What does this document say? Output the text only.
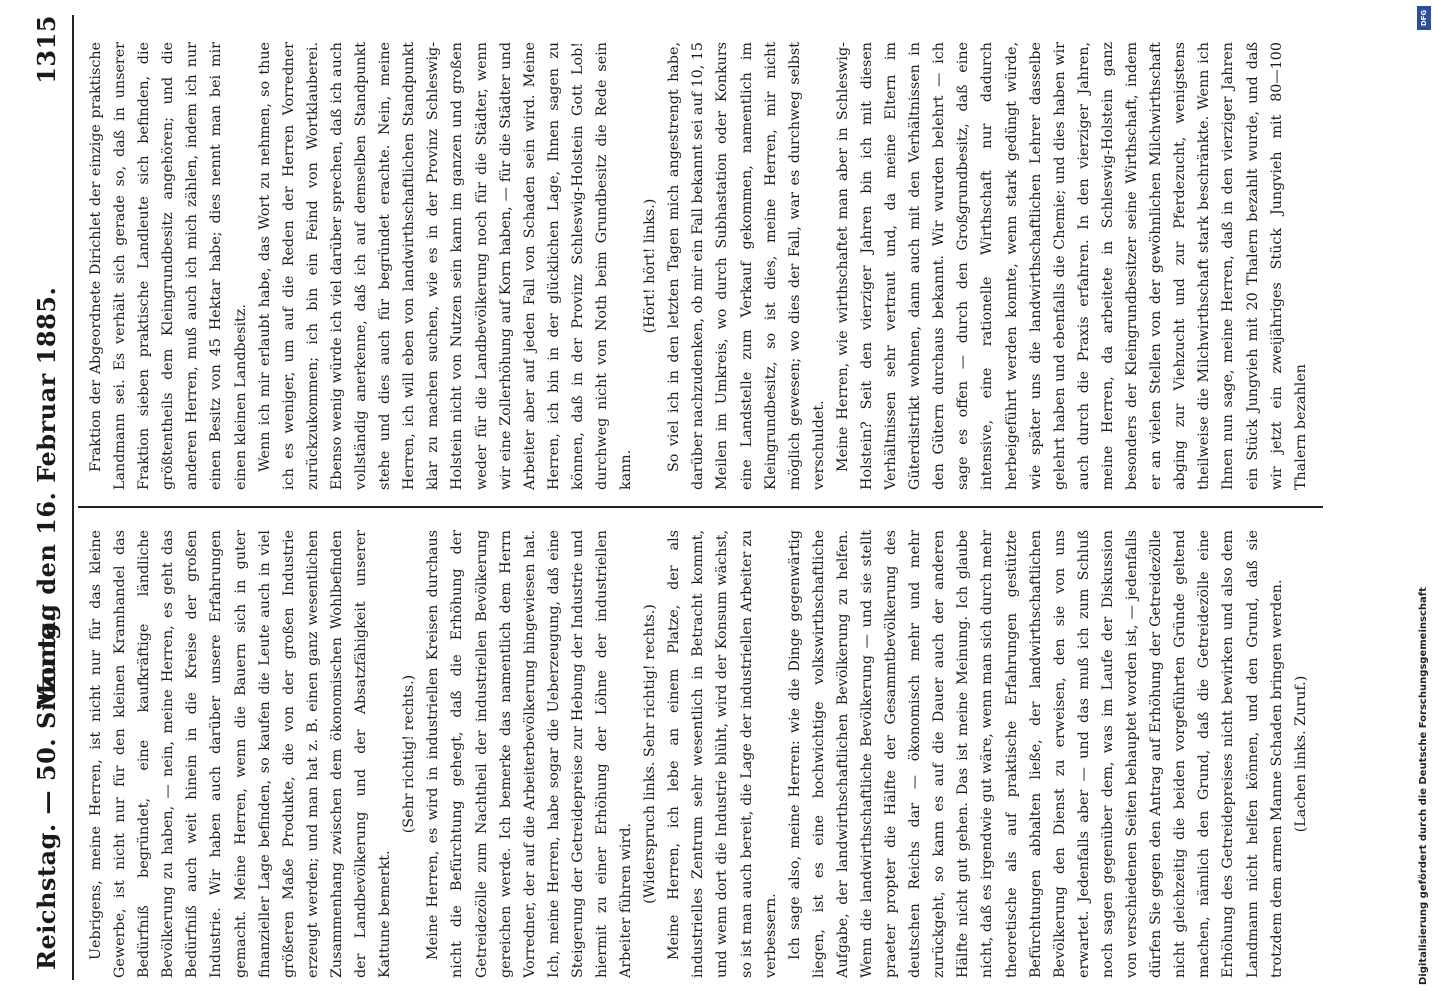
Reichstag. — 50. Sitzung.
Montag den 16. Februar 1885.
1315

Uebrigens, meine Herren, ist nicht nur für das kleine Gewerbe, ist nicht nur für den kleinen Kramhandel das Bedürfniß begründet, eine kaufkräftige ländliche Bevölkerung zu haben, — nein, meine Herren, es geht das Bedürfniß auch weit hinein in die Kreise der großen Industrie. Wir haben auch darüber unsere Erfahrungen gemacht. Meine Herren, wenn die Bauern sich in guter finanzieller Lage befinden, so kaufen die Leute auch in viel größeren Maße Produkte, die von der großen Industrie erzeugt werden; und man hat z. B. einen ganz wesentlichen Zusammenhang zwischen dem ökonomischen Wohlbefinden der Landbevölkerung und der Absatzfähigkeit unserer Kattune bemerkt.

(Sehr richtig! rechts.) Meine Herren, es wird in industriellen Kreisen durchaus nicht die Befürchtung gehegt, daß die Erhöhung der Getreidezölle zum Nachtheil der industriellen Bevölkerung gereichen werde. Ich bemerke das namentlich dem Herrn Vorredner, der auf die Arbeiterbevölkerung hingewiesen hat. Ich, meine Herren, habe sogar die Ueberzeugung, daß eine Steigerung der Getreidepreise zur Hebung der Industrie und hiermit zu einer Erhöhung der Löhne der industriellen Arbeiter führen wird. (Widerspruch links. Sehr richtig! rechts.) Meine Herren, ich lebe an einem Platze, der als industrielles Zentrum sehr wesentlich in Betracht kommt, und wenn dort die Industrie blüht, wird der Konsum wächst, so ist man auch bereit, die Lage der industriellen Arbeiter zu verbessern. Ich sage also, meine Herren: wie die Dinge gegenwärtig liegen, ist es eine hochwichtige volkswirthschaftliche Aufgabe, der landwirthschaftlichen Bevölkerung zu helfen. Wenn die landwirthschaftliche Bevölkerung — und sie stellt praeter propter die Hälfte der Gesammtbevölkerung des deutschen Reichs dar — ökonomisch mehr und mehr zurückgeht, so kann es auf die Dauer auch der anderen Hälfte nicht gut gehen. Das ist meine Meinung. Ich glaube nicht, daß es irgendwie gut wäre, wenn man sich durch mehr theoretische als auf praktische Erfahrungen gestützte Befürchtungen abhalten ließe, der landwirthschaftlichen Bevölkerung den Dienst zu erweisen, den sie von uns erwartet. Jedenfalls aber — und das muß ich zum Schluß noch sagen gegenüber dem, was im Laufe der Diskussion von verschiedenen Seiten behauptet worden ist, — jedenfalls dürfen Sie gegen den Antrag auf Erhöhung der Getreidezölle nicht gleichzeitig die beiden vorgeführten Gründe geltend machen, nämlich den Grund, daß die Getreidezölle eine Erhöhung des Getreidepreises nicht bewirken und also dem Landmann nicht helfen können, und den Grund, daß sie trotzdem dem armen Manne Schaden bringen werden. (Lachen links. Zuruf.)

Fraktion der Abgeordnete Dirichlet der einzige praktische Landmann sei. Es verhält sich gerade so, daß in unserer Fraktion sieben praktische Landleute sich befinden, die größtentheils dem Kleingrundbesitz angehören; und die anderen Herren, muß auch ich mich zählen, indem ich nur einen Besitz von 45 Hektar habe; dies nennt man bei mir einen kleinen Landbesitz. Wenn ich mir erlaubt habe, das Wort zu nehmen, so thue ich es weniger, um auf die Reden der Herren Vorredner zurückzukommen; ich bin ein Feind von Wortklauberei. Ebenso wenig würde ich viel darüber sprechen, daß ich auch vollständig anerkenne, daß ich auf demselben Standpunkt stehe und dies auch für begründet erachte. Nein, meine Herren, ich will eben von landwirthschaftlichen Standpunkt klar zu machen suchen, wie es in der Provinz Schleswig-Holstein nicht von Nutzen sein kann im ganzen und großen weder für die Landbevölkerung noch für die Städter, wenn wir eine Zollerhöhung auf Korn haben, — für die Städter und Arbeiter aber auf jeden Fall von Schaden sein wird. Meine Herren, ich bin in der glücklichen Lage, Ihnen sagen zu können, daß in der Provinz Schleswig-Holstein Gott Lob! durchweg nicht von Noth beim Grundbesitz die Rede sein kann.

(Hört! hört! links.) So viel ich in den letzten Tagen mich angestrengt habe, darüber nachzudenken, ob mir ein Fall bekannt sei auf 10, 15 Meilen im Umkreis, wo durch Subhastation oder Konkurs eine Landstelle zum Verkauf gekommen, namentlich im Kleingrundbesitz, so ist dies, meine Herren, mir nicht möglich gewesen; wo dies der Fall, war es durchweg selbst verschuldet. Meine Herren, wie wirthschaftet man aber in Schleswig-Holstein? Seit den vierziger Jahren bin ich mit diesen Verhältnissen sehr vertraut und, da meine Eltern im Güterdistrikt wohnen, dann auch mit den Verhältnissen in den Gütern durchaus bekannt. Wir wurden belehrt — ich sage es offen — durch den Großgrundbesitz, daß eine intensive, eine rationelle Wirthschaft nur dadurch herbeigeführt werden konnte, wenn stark gedüngt würde, wie später uns die landwirthschaftlichen Lehrer dasselbe gelehrt haben und ebenfalls die Chemie; und dies haben wir auch durch die Praxis erfahren. In den vierziger Jahren, meine Herren, da arbeitete in Schleswig-Holstein ganz besonders der Kleingrundbesitzer seine Wirthschaft, indem er an vielen Stellen von der gewöhnlichen Milchwirthschaft abging zur Viehzucht und zur Pferdezucht, wenigstens theilweise die Milchwirthschaft stark beschränkte. Wenn ich Ihnen nun sage, meine Herren, daß in den vierziger Jahren ein Stück Jungvieh mit 20 Thalern bezahlt wurde, und daß wir jetzt ein zweijähriges Stück Jungvieh mit 80—100 Thalern bezahlen

Digitalisierung gefördert durch die Deutsche Forschungsgemeinschaft
DFG
